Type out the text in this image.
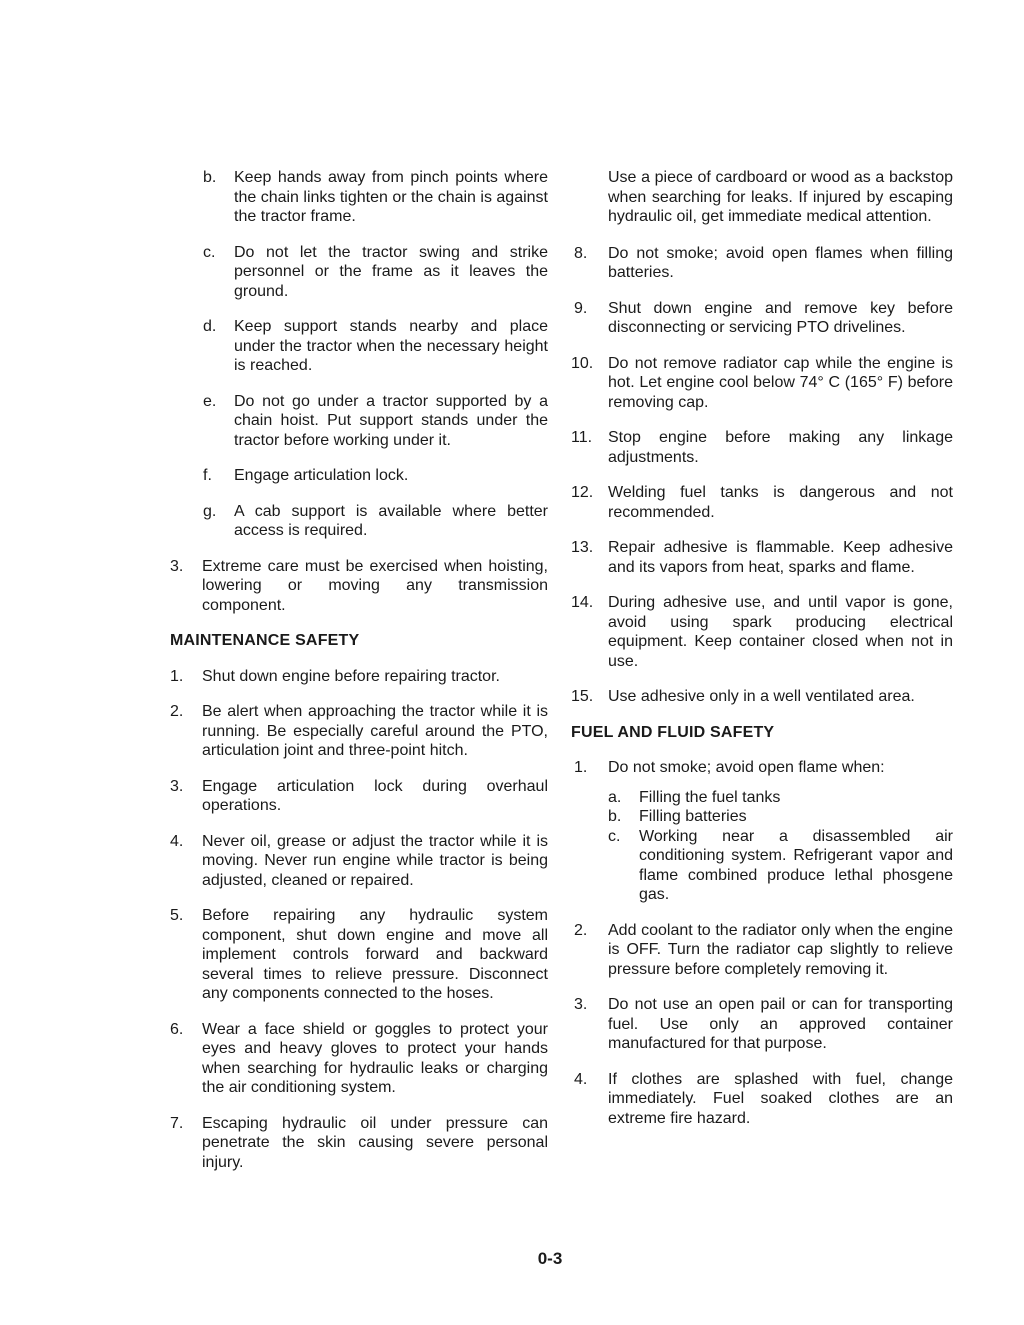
b. Keep hands away from pinch points where the chain links tighten or the chain is against the tractor frame.
c. Do not let the tractor swing and strike personnel or the frame as it leaves the ground.
d. Keep support stands nearby and place under the tractor when the necessary height is reached.
e. Do not go under a tractor supported by a chain hoist. Put support stands under the tractor before working under it.
f. Engage articulation lock.
g. A cab support is available where better access is required.
3. Extreme care must be exercised when hoisting, lowering or moving any transmission component.
MAINTENANCE SAFETY
1. Shut down engine before repairing tractor.
2. Be alert when approaching the tractor while it is running. Be especially careful around the PTO, articulation joint and three-point hitch.
3. Engage articulation lock during overhaul operations.
4. Never oil, grease or adjust the tractor while it is moving. Never run engine while tractor is being adjusted, cleaned or repaired.
5. Before repairing any hydraulic system component, shut down engine and move all implement controls forward and backward several times to relieve pressure. Disconnect any components connected to the hoses.
6. Wear a face shield or goggles to protect your eyes and heavy gloves to protect your hands when searching for hydraulic leaks or charging the air conditioning system.
7. Escaping hydraulic oil under pressure can penetrate the skin causing severe personal injury.
Use a piece of cardboard or wood as a backstop when searching for leaks. If injured by escaping hydraulic oil, get immediate medical attention.
8. Do not smoke; avoid open flames when filling batteries.
9. Shut down engine and remove key before disconnecting or servicing PTO drivelines.
10. Do not remove radiator cap while the engine is hot. Let engine cool below 74° C (165° F) before removing cap.
11. Stop engine before making any linkage adjustments.
12. Welding fuel tanks is dangerous and not recommended.
13. Repair adhesive is flammable. Keep adhesive and its vapors from heat, sparks and flame.
14. During adhesive use, and until vapor is gone, avoid using spark producing electrical equipment. Keep container closed when not in use.
15. Use adhesive only in a well ventilated area.
FUEL AND FLUID SAFETY
1. Do not smoke; avoid open flame when:
a. Filling the fuel tanks
b. Filling batteries
c. Working near a disassembled air conditioning system. Refrigerant vapor and flame combined produce lethal phosgene gas.
2. Add coolant to the radiator only when the engine is OFF. Turn the radiator cap slightly to relieve pressure before completely removing it.
3. Do not use an open pail or can for transporting fuel. Use only an approved container manufactured for that purpose.
4. If clothes are splashed with fuel, change immediately. Fuel soaked clothes are an extreme fire hazard.
0-3
